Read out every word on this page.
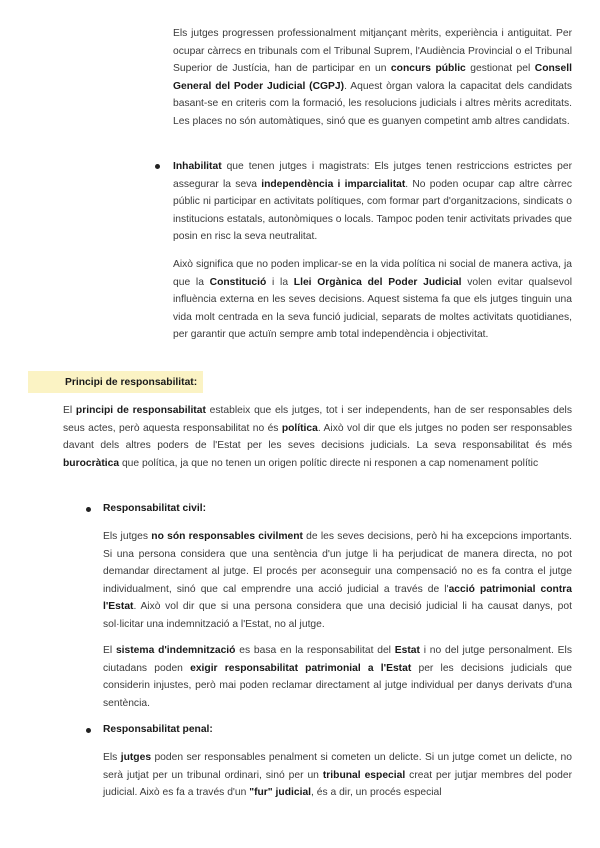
Els jutges progressen professionalment mitjançant mèrits, experiència i antiguitat. Per ocupar càrrecs en tribunals com el Tribunal Suprem, l'Audiència Provincial o el Tribunal Superior de Justícia, han de participar en un concurs públic gestionat pel Consell General del Poder Judicial (CGPJ). Aquest òrgan valora la capacitat dels candidats basant-se en criteris com la formació, les resolucions judicials i altres mèrits acreditats. Les places no són automàtiques, sinó que es guanyen competint amb altres candidats.

Inhabilitat que tenen jutges i magistrats: Els jutges tenen restriccions estrictes per assegurar la seva independència i imparcialitat. No poden ocupar cap altre càrrec públic ni participar en activitats polítiques, com formar part d'organitzacions, sindicats o institucions estatals, autonòmiques o locals. Tampoc poden tenir activitats privades que posin en risc la seva neutralitat.

Això significa que no poden implicar-se en la vida política ni social de manera activa, ja que la Constitució i la Llei Orgànica del Poder Judicial volen evitar qualsevol influència externa en les seves decisions. Aquest sistema fa que els jutges tinguin una vida molt centrada en la seva funció judicial, separats de moltes activitats quotidianes, per garantir que actuïn sempre amb total independència i objectivitat.

Principi de responsabilitat:

El principi de responsabilitat estableix que els jutges, tot i ser independents, han de ser responsables dels seus actes, però aquesta responsabilitat no és política. Això vol dir que els jutges no poden ser responsables davant dels altres poders de l'Estat per les seves decisions judicials. La seva responsabilitat és més burocràtica que política, ja que no tenen un origen polític directe ni responen a cap nomenament polític

Responsabilitat civil:

Els jutges no són responsables civilment de les seves decisions, però hi ha excepcions importants. Si una persona considera que una sentència d'un jutge li ha perjudicat de manera directa, no pot demandar directament al jutge. El procés per aconseguir una compensació no es fa contra el jutge individualment, sinó que cal emprendre una acció judicial a través de l'acció patrimonial contra l'Estat. Això vol dir que si una persona considera que una decisió judicial li ha causat danys, pot sol·licitar una indemnització a l'Estat, no al jutge.

El sistema d'indemnització es basa en la responsabilitat del Estat i no del jutge personalment. Els ciutadans poden exigir responsabilitat patrimonial a l'Estat per les decisions judicials que considerin injustes, però mai poden reclamar directament al jutge individual per danys derivats d'una sentència.

Responsabilitat penal:

Els jutges poden ser responsables penalment si cometen un delicte. Si un jutge comet un delicte, no serà jutjat per un tribunal ordinari, sinó per un tribunal especial creat per jutjar membres del poder judicial. Això es fa a través d'un "fur" judicial, és a dir, un procés especial
